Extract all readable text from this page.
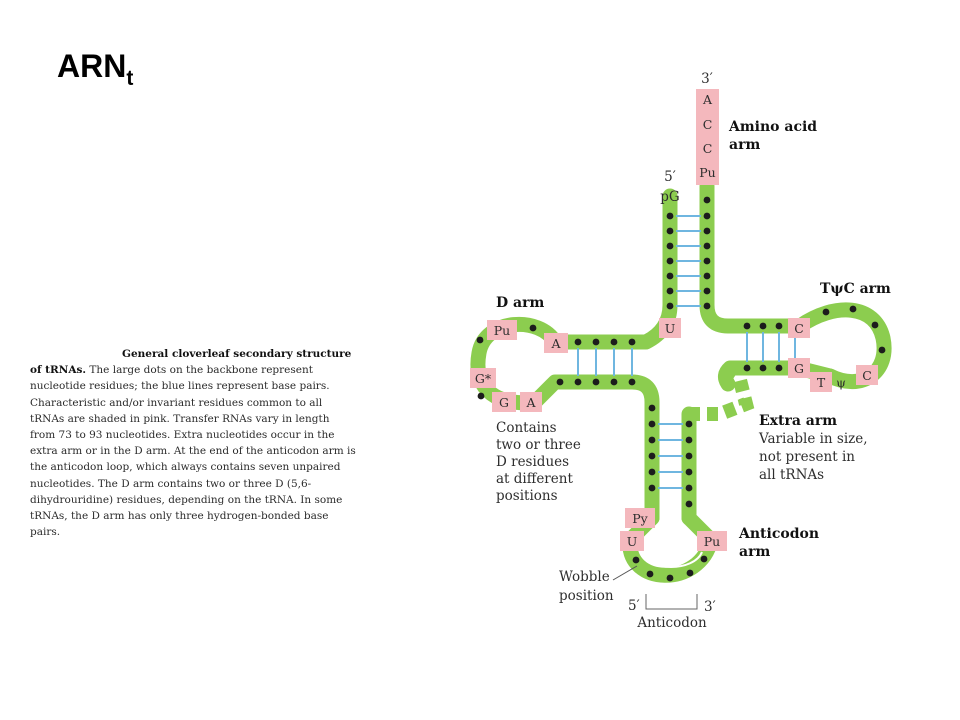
$ARN_t$

General cloverleaf secondary structure of tRNAs. The large dots on the backbone represent nucleotide residues; the blue lines represent base pairs. Characteristic and/or invariant residues common to all tRNAs are shaded in pink. Transfer RNAs vary in length from 73 to 93 nucleotides. Extra nucleotides occur in the extra arm or in the D arm. At the end of the anticodon arm is the anticodon loop, which always contains seven unpaired nucleotides. The D arm contains two or three D (5,6-dihydrouridine) residues, depending on the tRNA. In some tRNAs, the D arm has only three hydrogen-bonded base pairs.

A
C
C
Pu
pG
U
A
Pu
G*
G A
C
G
T ψ C
Py
U	Pu
3′
5′
Amino acid
arm
D arm
TψC arm
Contains
two or three
D residues
at different
positions
Extra arm
Variable in size,
not present in
all tRNAs
Anticodon
arm
Wobble
position
5′	3′
Anticodon
